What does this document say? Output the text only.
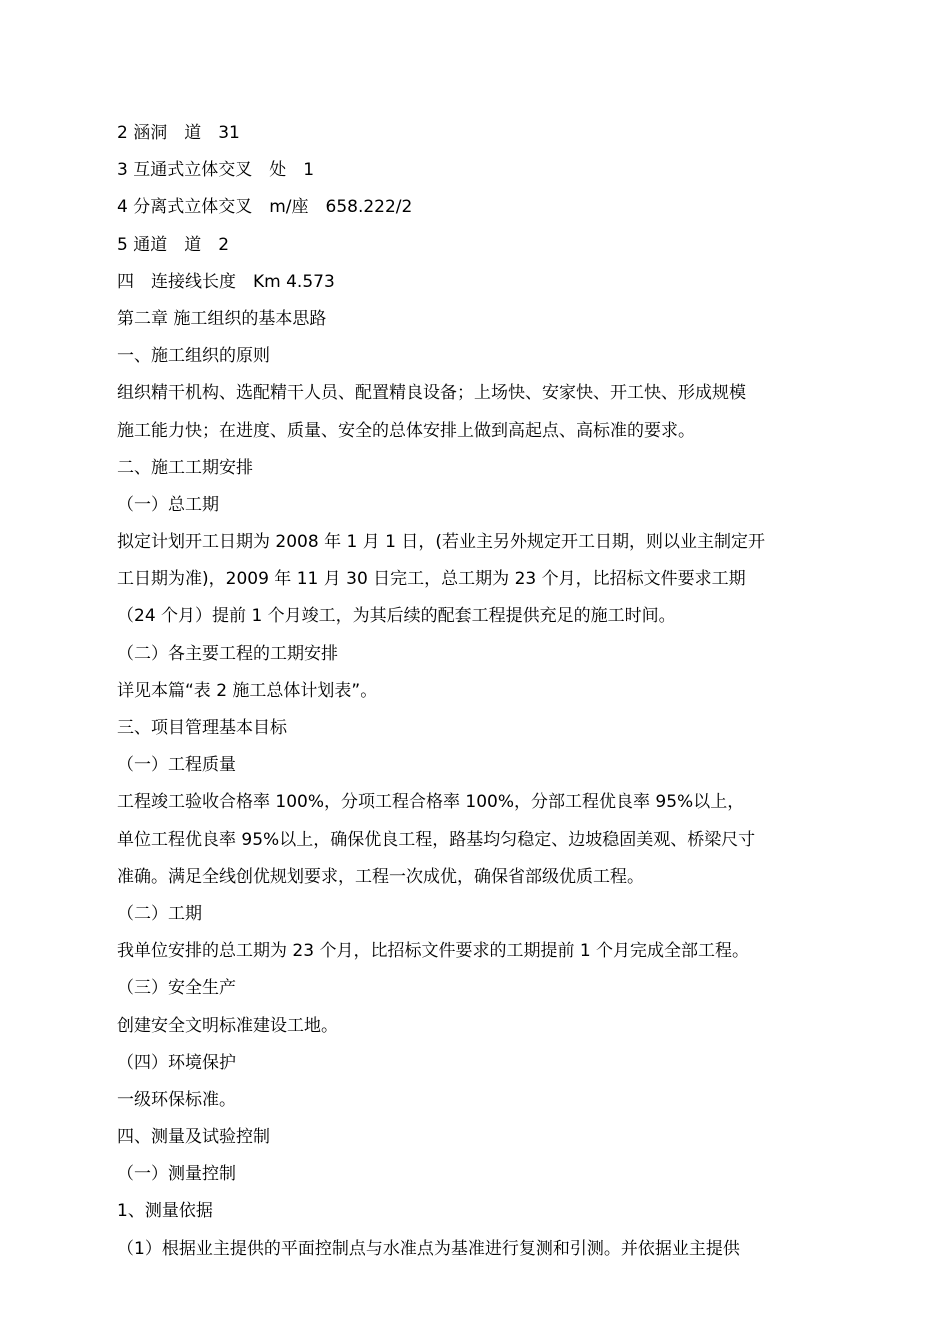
2 涵洞　道　31

3 互通式立体交叉　处　1

4 分离式立体交叉　m/座　658.222/2

5 通道　道　2

四　连接线长度　Km 4.573

第二章 施工组织的基本思路

一、施工组织的原则

组织精干机构、选配精干人员、配置精良设备；上场快、安家快、开工快、形成规模

施工能力快；在进度、质量、安全的总体安排上做到高起点、高标准的要求。

二、施工工期安排

（一）总工期

拟定计划开工日期为 2008 年 1 月 1 日，(若业主另外规定开工日期，则以业主制定开

工日期为准)，2009 年 11 月 30 日完工，总工期为 23 个月，比招标文件要求工期

（24 个月）提前 1 个月竣工，为其后续的配套工程提供充足的施工时间。

（二）各主要工程的工期安排

详见本篇“表 2 施工总体计划表”。

三、项目管理基本目标

（一）工程质量

工程竣工验收合格率 100%，分项工程合格率 100%，分部工程优良率 95%以上，

单位工程优良率 95%以上，确保优良工程，路基均匀稳定、边坡稳固美观、桥梁尺寸

准确。满足全线创优规划要求，工程一次成优，确保省部级优质工程。

（二）工期

我单位安排的总工期为 23 个月，比招标文件要求的工期提前 1 个月完成全部工程。

（三）安全生产

创建安全文明标准建设工地。

（四）环境保护

一级环保标准。

四、测量及试验控制

（一）测量控制

1、测量依据

（1）根据业主提供的平面控制点与水准点为基准进行复测和引测。并依据业主提供
